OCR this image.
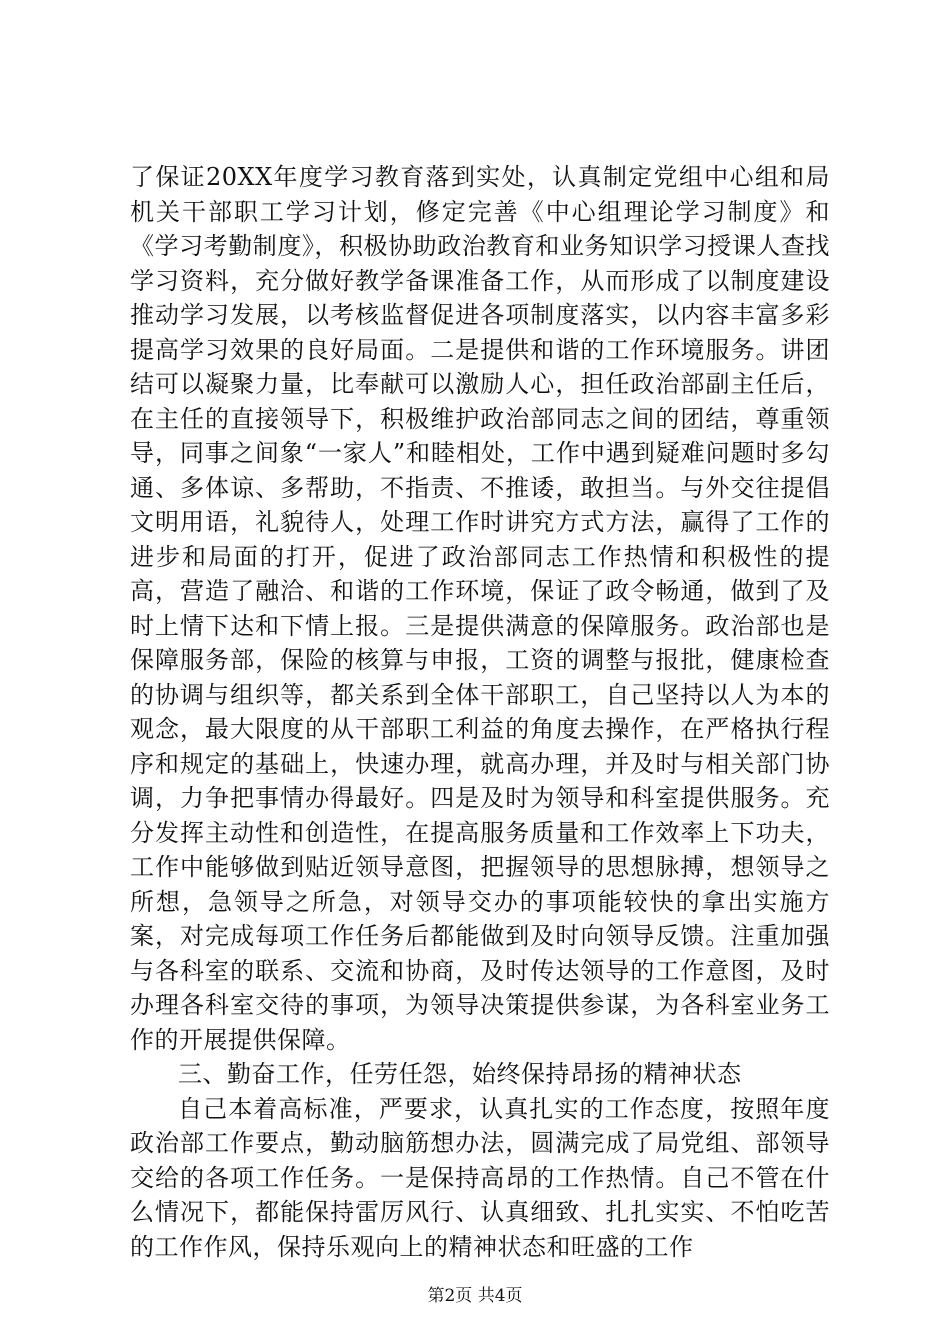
了保证20XX年度学习教育落到实处，认真制定党组中心组和局机关干部职工学习计划，修定完善《中心组理论学习制度》和《学习考勤制度》，积极协助政治教育和业务知识学习授课人查找学习资料，充分做好教学备课准备工作，从而形成了以制度建设推动学习发展，以考核监督促进各项制度落实，以内容丰富多彩提高学习效果的良好局面。二是提供和谐的工作环境服务。讲团结可以凝聚力量，比奉献可以激励人心，担任政治部副主任后，在主任的直接领导下，积极维护政治部同志之间的团结，尊重领导，同事之间象“一家人”和睦相处，工作中遇到疑难问题时多勾通、多体谅、多帮助，不指责、不推诿，敢担当。与外交往提倡文明用语，礼貌待人，处理工作时讲究方式方法，赢得了工作的进步和局面的打开，促进了政治部同志工作热情和积极性的提高，营造了融洽、和谐的工作环境，保证了政令畅通，做到了及时上情下达和下情上报。三是提供满意的保障服务。政治部也是保障服务部，保险的核算与申报，工资的调整与报批，健康检查的协调与组织等，都关系到全体干部职工，自己坚持以人为本的观念，最大限度的从干部职工利益的角度去操作，在严格执行程序和规定的基础上，快速办理，就高办理，并及时与相关部门协调，力争把事情办得最好。四是及时为领导和科室提供服务。充分发挥主动性和创造性，在提高服务质量和工作效率上下功夫，工作中能够做到贴近领导意图，把握领导的思想脉搏，想领导之所想，急领导之所急，对领导交办的事项能较快的拿出实施方案，对完成每项工作任务后都能做到及时向领导反馈。注重加强与各科室的联系、交流和协商，及时传达领导的工作意图，及时办理各科室交待的事项，为领导决策提供参谋，为各科室业务工作的开展提供保障。

三、勤奋工作，任劳任怨，始终保持昂扬的精神状态

自己本着高标准，严要求，认真扎实的工作态度，按照年度政治部工作要点，勤动脑筋想办法，圆满完成了局党组、部领导交给的各项工作任务。一是保持高昂的工作热情。自己不管在什么情况下，都能保持雷厉风行、认真细致、扎扎实实、不怕吃苦的工作作风，保持乐观向上的精神状态和旺盛的工作

第2页 共4页
